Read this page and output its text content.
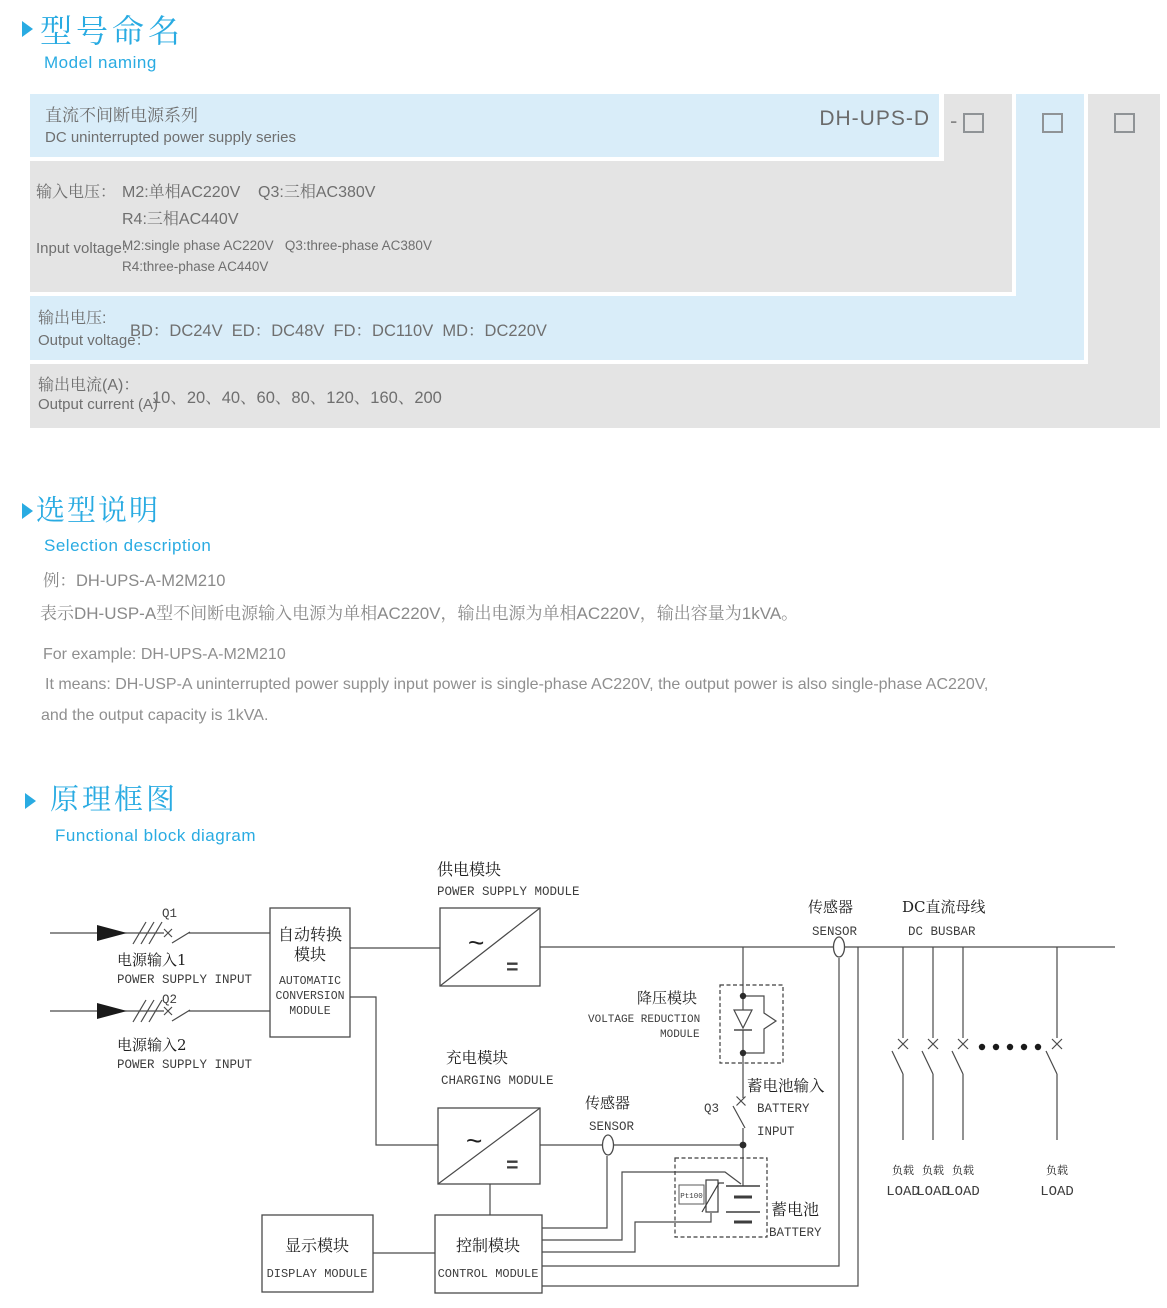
型号命名
Model naming
直流不间断电源系列
DC uninterrupted power supply series
DH-UPS-D -
输入电压： M2:单相AC220V    Q3:三相AC380V
R4:三相AC440V
Input voltage：
M2:single phase AC220V   Q3:three-phase AC380V
R4:three-phase AC440V
输出电压:
Output voltage：
BD：DC24V  ED：DC48V  FD：DC110V  MD：DC220V
输出电流(A)：
Output current (A)
10、20、40、60、80、120、160、200
选型说明
Selection description
例：DH-UPS-A-M2M210
表示DH-USP-A型不间断电源输入电源为单相AC220V，输出电源为单相AC220V，输出容量为1kVA。
For example: DH-UPS-A-M2M210
It means: DH-USP-A uninterrupted power supply input power is single-phase AC220V, the output power is also single-phase AC220V,
and the output capacity is 1kVA.
原理框图
Functional block diagram
Q1
Q2
电源输入1
POWER SUPPLY INPUT
电源输入2
POWER SUPPLY INPUT
自动转换
模块
AUTOMATIC
CONVERSION
MODULE
供电模块
POWER SUPPLY MODULE
~
=
传感器
SENSOR
DC直流母线
DC BUSBAR
降压模块
VOLTAGE REDUCTION
MODULE
充电模块
CHARGING MODULE
~
=
传感器
SENSOR
蓄电池输入
Q3	BATTERY
INPUT
Pt100
蓄电池
BATTERY
显示模块
DISPLAY MODULE
控制模块
CONTROL MODULE
负载 负载 负载	负载
LOAD
LOAD
LOAD	LOAD
